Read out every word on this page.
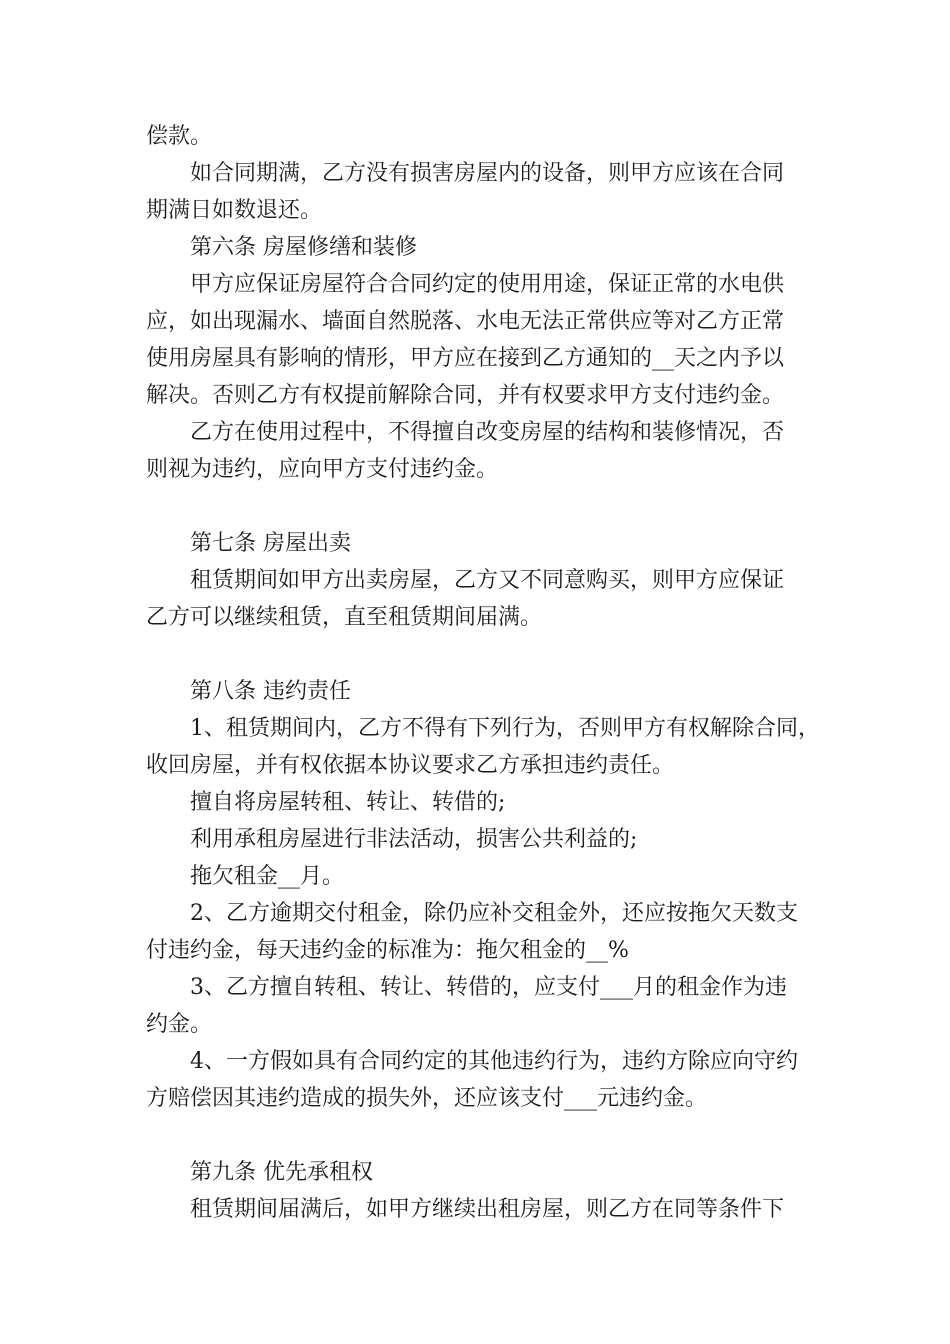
偿款。
如合同期满，乙方没有损害房屋内的设备，则甲方应该在合同
期满日如数退还。
第六条 房屋修缮和装修
甲方应保证房屋符合合同约定的使用用途，保证正常的水电供
应，如出现漏水、墙面自然脱落、水电无法正常供应等对乙方正常
使用房屋具有影响的情形，甲方应在接到乙方通知的__天之内予以
解决。否则乙方有权提前解除合同，并有权要求甲方支付违约金。
乙方在使用过程中，不得擅自改变房屋的结构和装修情况，否
则视为违约，应向甲方支付违约金。
第七条 房屋出卖
租赁期间如甲方出卖房屋，乙方又不同意购买，则甲方应保证
乙方可以继续租赁，直至租赁期间届满。
第八条 违约责任
1、租赁期间内，乙方不得有下列行为，否则甲方有权解除合同，
收回房屋，并有权依据本协议要求乙方承担违约责任。
擅自将房屋转租、转让、转借的;
利用承租房屋进行非法活动，损害公共利益的;
拖欠租金__月。
2、乙方逾期交付租金，除仍应补交租金外，还应按拖欠天数支
付违约金，每天违约金的标准为：拖欠租金的__%
3、乙方擅自转租、转让、转借的，应支付___月的租金作为违
约金。
4、一方假如具有合同约定的其他违约行为，违约方除应向守约
方赔偿因其违约造成的损失外，还应该支付___元违约金。
第九条 优先承租权
租赁期间届满后，如甲方继续出租房屋，则乙方在同等条件下
